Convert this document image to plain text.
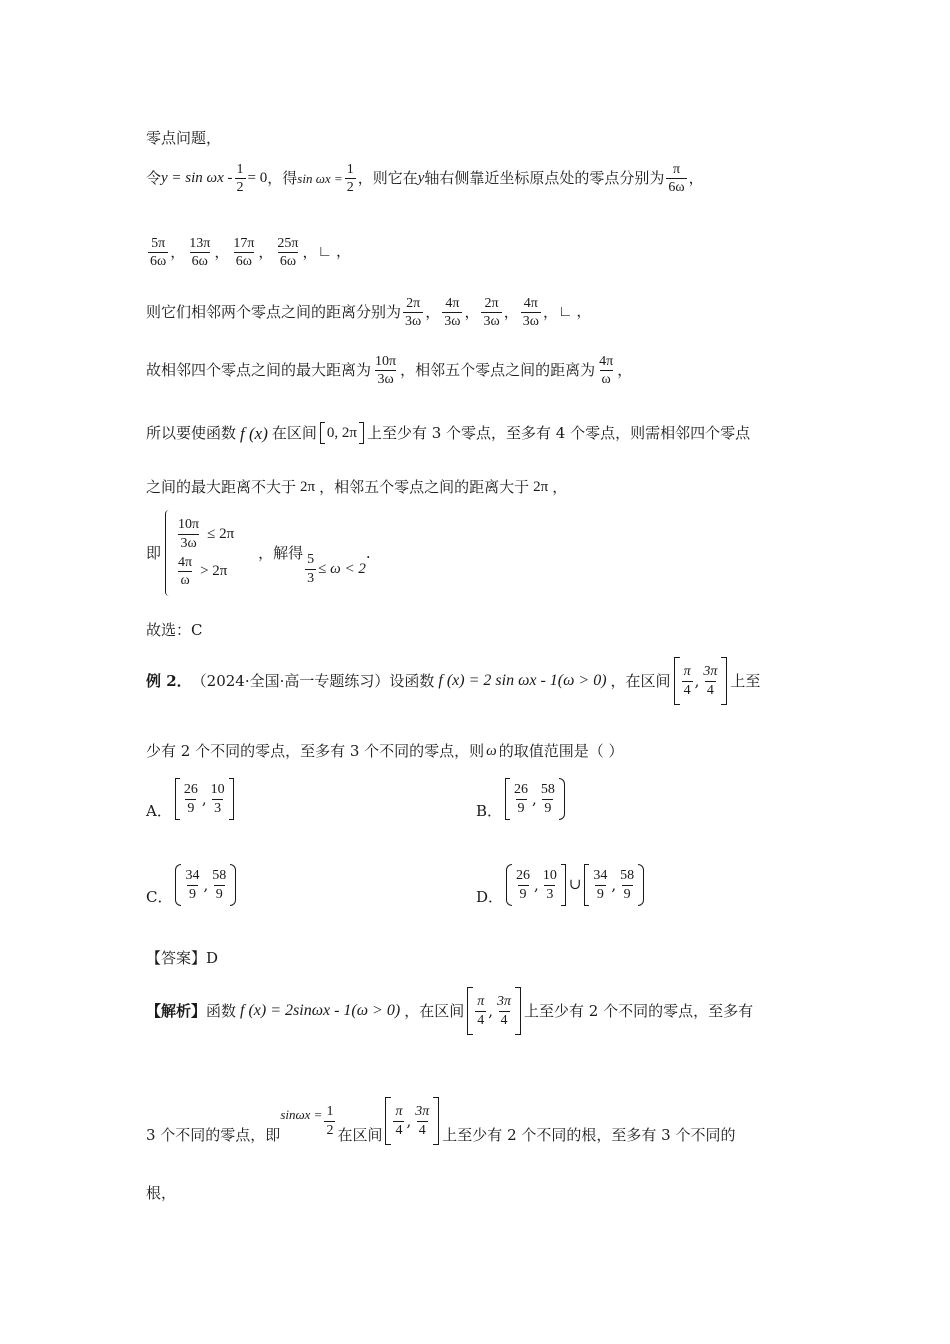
零点问题，
令 $y = \sin \omega x - \frac{1}{2} = 0$ ，得 $\sin \omega x = \frac{1}{2}$ ，则它在 y 轴右侧靠近坐标原点处的零点分别为 $\frac{\pi}{6\omega}$ ，
$\frac{5\pi}{6\omega}$ ， $\frac{13\pi}{6\omega}$ ， $\frac{17\pi}{6\omega}$ ， $\frac{25\pi}{6\omega}$ ， ∟ ，
则它们相邻两个零点之间的距离分别为 $\frac{2\pi}{3\omega}$ ， $\frac{4\pi}{3\omega}$ ， $\frac{2\pi}{3\omega}$ ， $\frac{4\pi}{3\omega}$ ， ∟ ，
故相邻四个零点之间的最大距离为 $\frac{10\pi}{3\omega}$ ，相邻五个零点之间的距离为 $\frac{4\pi}{\omega}$ ，
所以要使函数 f (x) 在区间 0, 2π 上至少有 3 个零点，至多有 4 个零点，则需相邻四个零点
之间的最大距离不大于 2π ，相邻五个零点之间的距离大于 2π ，
即
$\frac{10\pi}{3\omega} \le 2\pi$
$\frac{4\pi}{\omega} > 2\pi$
，解得 $\frac{5}{3} \le \omega < 2$
.
故选：C
例 2． （2024·全国·高一专题练习）设函数 f (x) = 2 sin ωx - 1(ω > 0) ，在区间 $\frac{\pi}{4}$ , $\frac{3\pi}{4}$ 上至
少有 2 个不同的零点，至多有 3 个不同的零点，则 ω 的取值范围是（ ）
A． $\frac{26}{9}$ , $\frac{10}{3}$	B． $\frac{26}{9}$ , $\frac{58}{9}$
C． $\frac{34}{9}$ , $\frac{58}{9}$	D． $\frac{26}{9}$ , $\frac{10}{3}$ ∪ $\frac{34}{9}$ , $\frac{58}{9}$
【答案】D
【解析】 函数 f (x) = 2sinωx - 1(ω > 0) ，在区间 $\frac{\pi}{4}$ , $\frac{3\pi}{4}$ 上至少有 2 个不同的零点，至多有
3 个不同的零点，即
$\sin\omega x = \frac{1}{2}$ 在区间 $\frac{\pi}{4}$ , $\frac{3\pi}{4}$ 上至少有 2 个不同的根，至多有 3 个不同的
根，
